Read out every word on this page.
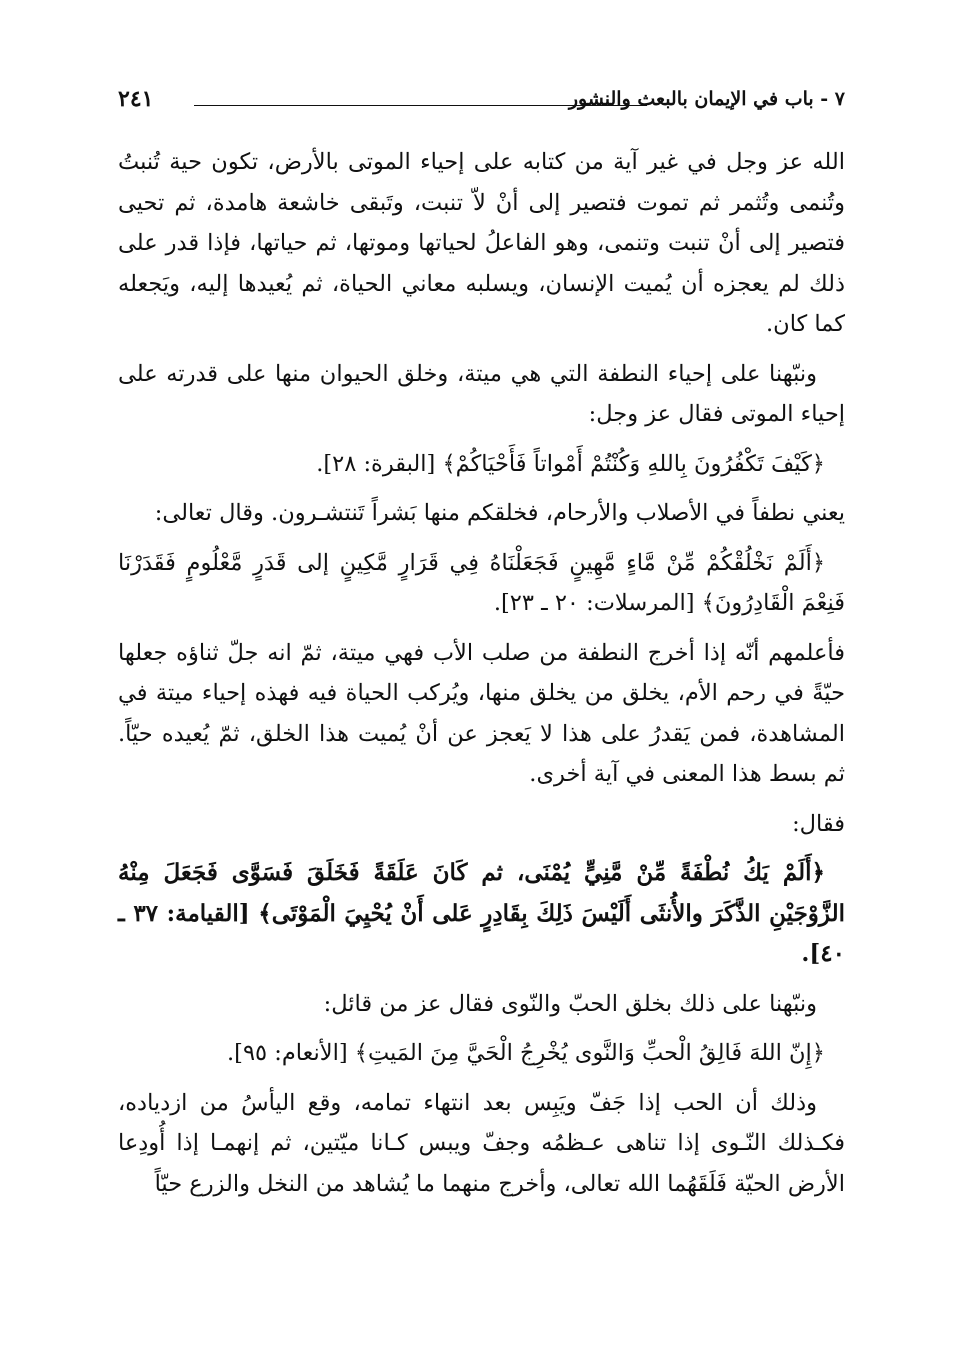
٧ - باب في الإيمان بالبعث والنشور
٢٤١

الله عز وجل في غير آية من كتابه على إحياء الموتى بالأرض، تكون حية تُنبتُ وتُنمى وتُثمر ثم تموت فتصير إلى أنْ لاّ تنبت، وتَبقى خاشعة هامدة، ثم تحيى فتصير إلى أنْ تنبت وتنمى، وهو الفاعلُ لحياتها وموتها، ثم حياتها، فإذا قدر على ذلك لم يعجزه أن يُميت الإنسان، ويسلبه معاني الحياة، ثم يُعيدها إليه، ويَجعله كما كان.

ونبّهنا على إحياء النطفة التي هي ميتة، وخلق الحيوان منها على قدرته على إحياء الموتى فقال عز وجل:

﴿كَيْفَ تَكْفُرُونَ بِاللهِ وَكُنْتُمْ أَمْواتاً فَأَحْيَاكُمْ﴾ [البقرة: ٢٨].

يعني نطفاً في الأصلاب والأرحام، فخلقكم منها بَشراً تَنتشـرون. وقال تعالى:

﴿أَلَمْ نَخْلُقْكُمْ مِّنْ مَّاءٍ مَّهِينٍ فَجَعَلْنَاهُ فِي قَرَارٍ مَّكِينٍ إلى قَدَرٍ مَّعْلُومٍ فَقَدَرْنَا فَنِعْمَ الْقَادِرُونَ﴾ [المرسلات: ٢٠ ـ ٢٣].

فأعلمهم أنّه إذا أخرج النطفة من صلب الأب فهي ميتة، ثمّ انه جلّ ثناؤه جعلها حيّةً في رحم الأم، يخلق من يخلق منها، ويُركب الحياة فيه فهذه إحياء ميتة في المشاهدة، فمن يَقدرُ على هذا لا يَعجز عن أنْ يُميت هذا الخلق، ثمّ يُعيده حيّاً. ثم بسط هذا المعنى في آية أخرى.

فقال:

﴿أَلَمْ يَكُ نُطْفَةً مِّنْ مَّنِيٍّ يُمْنَى، ثم كَانَ عَلَقَةً فَخَلَقَ فَسَوَّى فَجَعَلَ مِنْهُ الزَّوْجَيْنِ الذَّكَرَ والأُنثَى أَلَيْسَ ذَلِكَ بِقَادِرٍ عَلى أَنْ يُحْيِيَ الْمَوْتَى﴾ [القيامة: ٣٧ ـ ٤٠].

ونبّهنا على ذلك بخلق الحبّ والنّوى فقال عز من قائل:

﴿إِنّ اللهَ فَالِقُ الْحبِّ وَالنَّوى يُخْرِجُ الْحَيَّ مِنَ المَيتِ﴾ [الأنعام: ٩٥].

وذلك أن الحب إذا جَفّ ويَبِس بعد انتهاء تمامه، وقع اليأسُ من ازدياده، فكـذلك النّـوى إذا تناهى عـظمُه وجفّ ويبس كـانا ميّتين، ثم إنهمـا إذا أُودِعا الأرض الحيّة فَلَقَهُما الله تعالى، وأخرج منهما ما يُشاهد من النخل والزرع حيّاً
